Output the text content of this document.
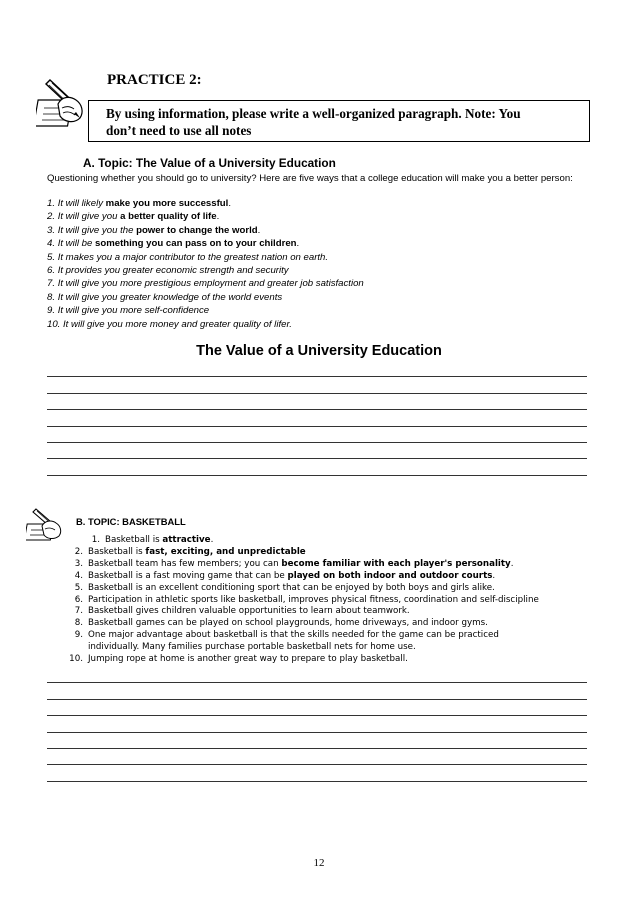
PRACTICE 2:

By using information, please write a well-organized paragraph. Note: You
don’t need to use all notes

A. Topic: The Value of a University Education

Questioning whether you should go to university? Here are five ways that a college education will make you a better person:

1. It will likely make you more successful.
2. It will give you a better quality of life.
3. It will give you the power to change the world.
4. It will be something you can pass on to your children.
5. It makes you a major contributor to the greatest nation on earth.
6. It provides you greater economic strength and security
7. It will give you more prestigious employment and greater job satisfaction
8. It will give you greater knowledge of the world events
9. It will give you more self-confidence
10. It will give you more money and greater quality of lifer.
The Value of a University Education
B. TOPIC: BASKETBALL
1. Basketball is attractive.
2. Basketball is fast, exciting, and unpredictable
3. Basketball team has few members; you can become familiar with each player's personality.
4. Basketball is a fast moving game that can be played on both indoor and outdoor courts.
5. Basketball is an excellent conditioning sport that can be enjoyed by both boys and girls alike.
6. Participation in athletic sports like basketball, improves physical fitness, coordination and self-discipline
7. Basketball gives children valuable opportunities to learn about teamwork.
8. Basketball games can be played on school playgrounds, home driveways, and indoor gyms.
9. One major advantage about basketball is that the skills needed for the game can be practiced
individually. Many families purchase portable basketball nets for home use.
10. Jumping rope at home is another great way to prepare to play basketball.

12
